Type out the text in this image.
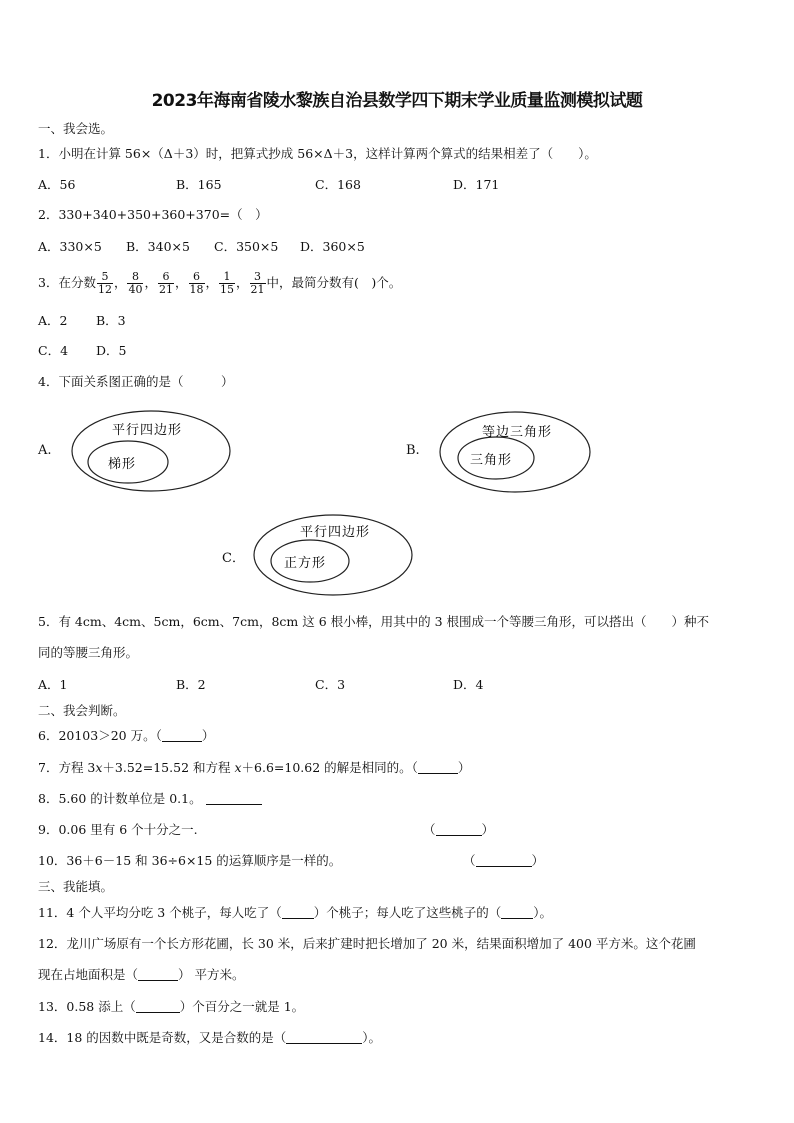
2023年海南省陵水黎族自治县数学四下期末学业质量监测模拟试题
一、我会选。
1．小明在计算 56×（Δ＋3）时，把算式抄成 56×Δ＋3，这样计算两个算式的结果相差了（　　）。
A．56	B．165	C．168	D．171
2．330+340+350+360+370=（　）
A．330×5 B．340×5 C．350×5 D．360×5
3．在分数 $\frac{5}{12}$ ， $\frac{8}{40}$ ， $\frac{6}{21}$ ， $\frac{6}{18}$ ， $\frac{1}{15}$ ， $\frac{3}{21}$ 中，最简分数有(　)个。
A．2 B．3
C．4 D．5
4．下面关系图正确的是（　　　）
A.
平行四边形
梯形
B.
等边三角形
三角形
C．
平行四边形
正方形
5．有 4cm、4cm、5cm，6cm、7cm，8cm 这 6 根小棒，用其中的 3 根围成一个等腰三角形，可以搭出（　　）种不
同的等腰三角形。
A．1	B．2	C．3	D．4
二、我会判断。
6．20103＞20 万。（	）
7．方程 3𝑥＋3.52=15.52 和方程 𝑥＋6.6=10.62 的解是相同的。（	）
8．5.60 的计数单位是 0.1。
9．0.06 里有 6 个十分之一.	（	）
10．36＋6－15 和 36÷6×15 的运算顺序是一样的。	（	）
三、我能填。
11．4 个人平均分吃 3 个桃子，每人吃了（	）个桃子；每人吃了这些桃子的（	）。
12．龙川广场原有一个长方形花圃，长 30 米，后来扩建时把长增加了 20 米，结果面积增加了 400 平方米。这个花圃
现在占地面积是（	） 平方米。
13．0.58 添上（	）个百分之一就是 1。
14．18 的因数中既是奇数，又是合数的是（	）。
